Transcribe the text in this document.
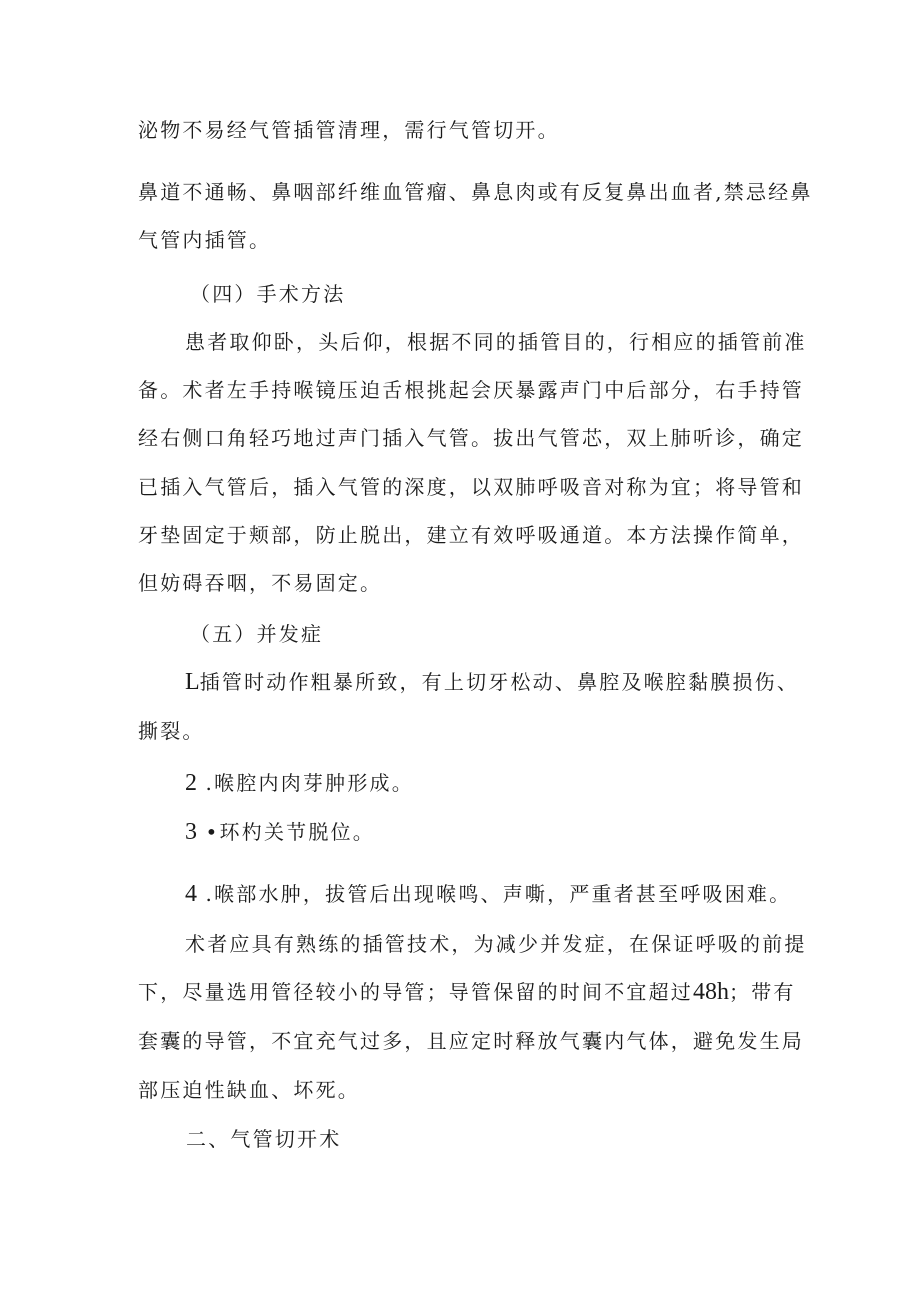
泌物不易经气管插管清理，需行气管切开。
鼻道不通畅、鼻咽部纤维血管瘤、鼻息肉或有反复鼻出血者,禁忌经鼻
气管内插管。
（四）手术方法
患者取仰卧，头后仰，根据不同的插管目的，行相应的插管前准
备。术者左手持喉镜压迫舌根挑起会厌暴露声门中后部分，右手持管
经右侧口角轻巧地过声门插入气管。拔出气管芯，双上肺听诊，确定
已插入气管后，插入气管的深度，以双肺呼吸音对称为宜；将导管和
牙垫固定于颊部，防止脱出，建立有效呼吸通道。本方法操作简单，
但妨碍吞咽，不易固定。
（五）并发症
L插管时动作粗暴所致，有上切牙松动、鼻腔及喉腔黏膜损伤、
撕裂。
2 .喉腔内肉芽肿形成。
3 •环杓关节脱位。
4 .喉部水肿，拔管后出现喉鸣、声嘶，严重者甚至呼吸困难。
术者应具有熟练的插管技术，为减少并发症，在保证呼吸的前提
下，尽量选用管径较小的导管；导管保留的时间不宜超过48h；带有
套囊的导管，不宜充气过多，且应定时释放气囊内气体，避免发生局
部压迫性缺血、坏死。
二、气管切开术
